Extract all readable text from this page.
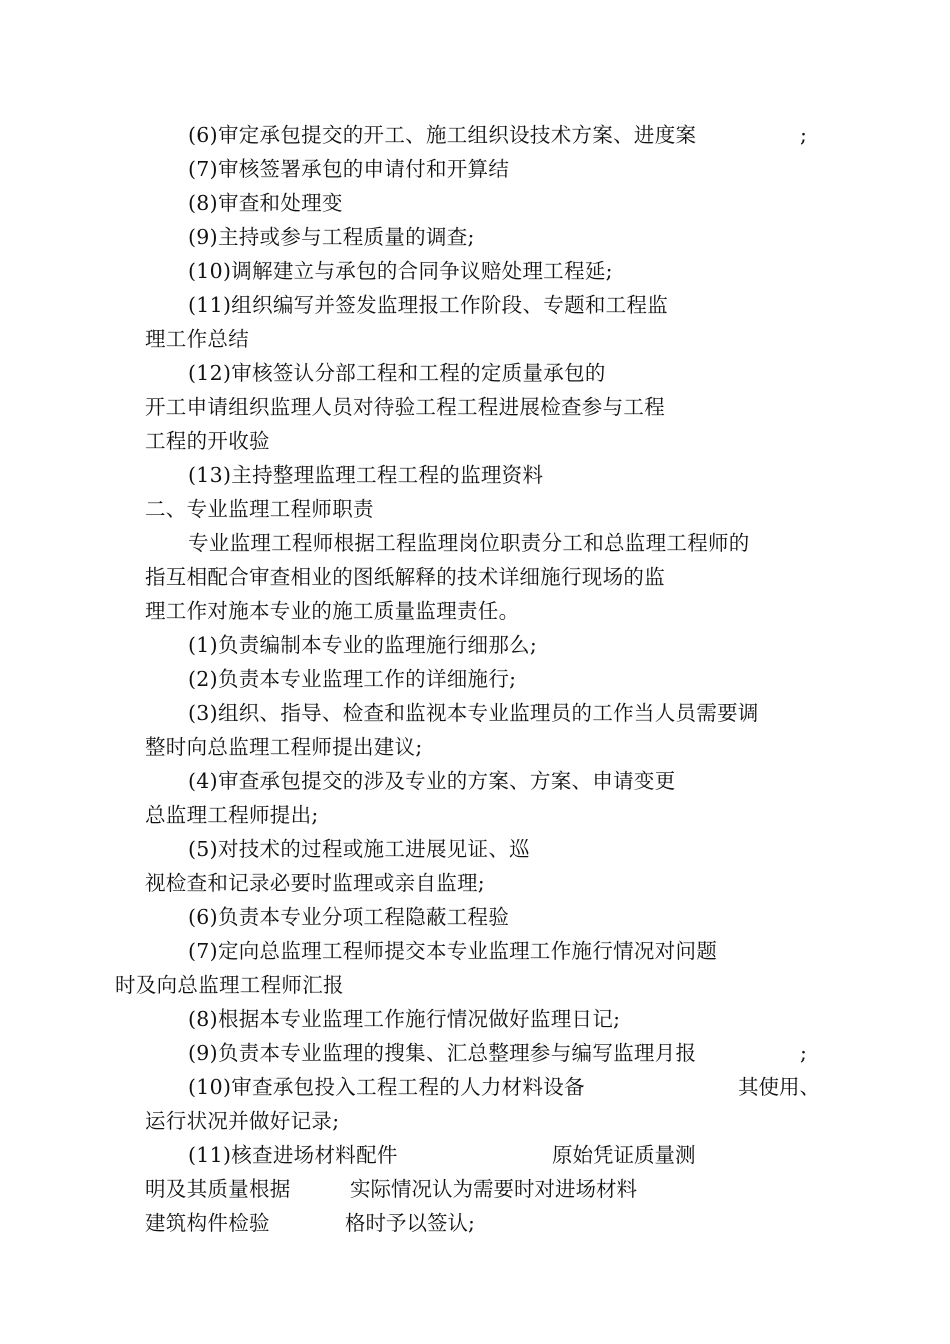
(6)审定承包提交的开工、施工组织设技术方案、进度案	;
(7)审核签署承包的申请付和开算结
(8)审查和处理变
(9)主持或参与工程质量的调查;
(10)调解建立与承包的合同争议赔处理工程延;
(11)组织编写并签发监理报工作阶段、专题和工程监
理工作总结
(12)审核签认分部工程和工程的定质量承包的
开工申请组织监理人员对待验工程工程进展检查参与工程
工程的开收验
(13)主持整理监理工程工程的监理资料
二、专业监理工程师职责
专业监理工程师根据工程监理岗位职责分工和总监理工程师的
指互相配合审查相业的图纸解释的技术详细施行现场的监
理工作对施本专业的施工质量监理责任。
(1)负责编制本专业的监理施行细那么;
(2)负责本专业监理工作的详细施行;
(3)组织、指导、检查和监视本专业监理员的工作当人员需要调
整时向总监理工程师提出建议;
(4)审查承包提交的涉及专业的方案、方案、申请变更
总监理工程师提出;
(5)对技术的过程或施工进展见证、巡
视检查和记录必要时监理或亲自监理;
(6)负责本专业分项工程隐蔽工程验
(7)定向总监理工程师提交本专业监理工作施行情况对问题
时及向总监理工程师汇报
(8)根据本专业监理工作施行情况做好监理日记;
(9)负责本专业监理的搜集、汇总整理参与编写监理月报	;
(10)审查承包投入工程工程的人力材料设备	其使用、
运行状况并做好记录;
(11)核查进场材料配件	原始凭证质量测
明及其质量根据	实际情况认为需要时对进场材料
建筑构件检验	格时予以签认;
